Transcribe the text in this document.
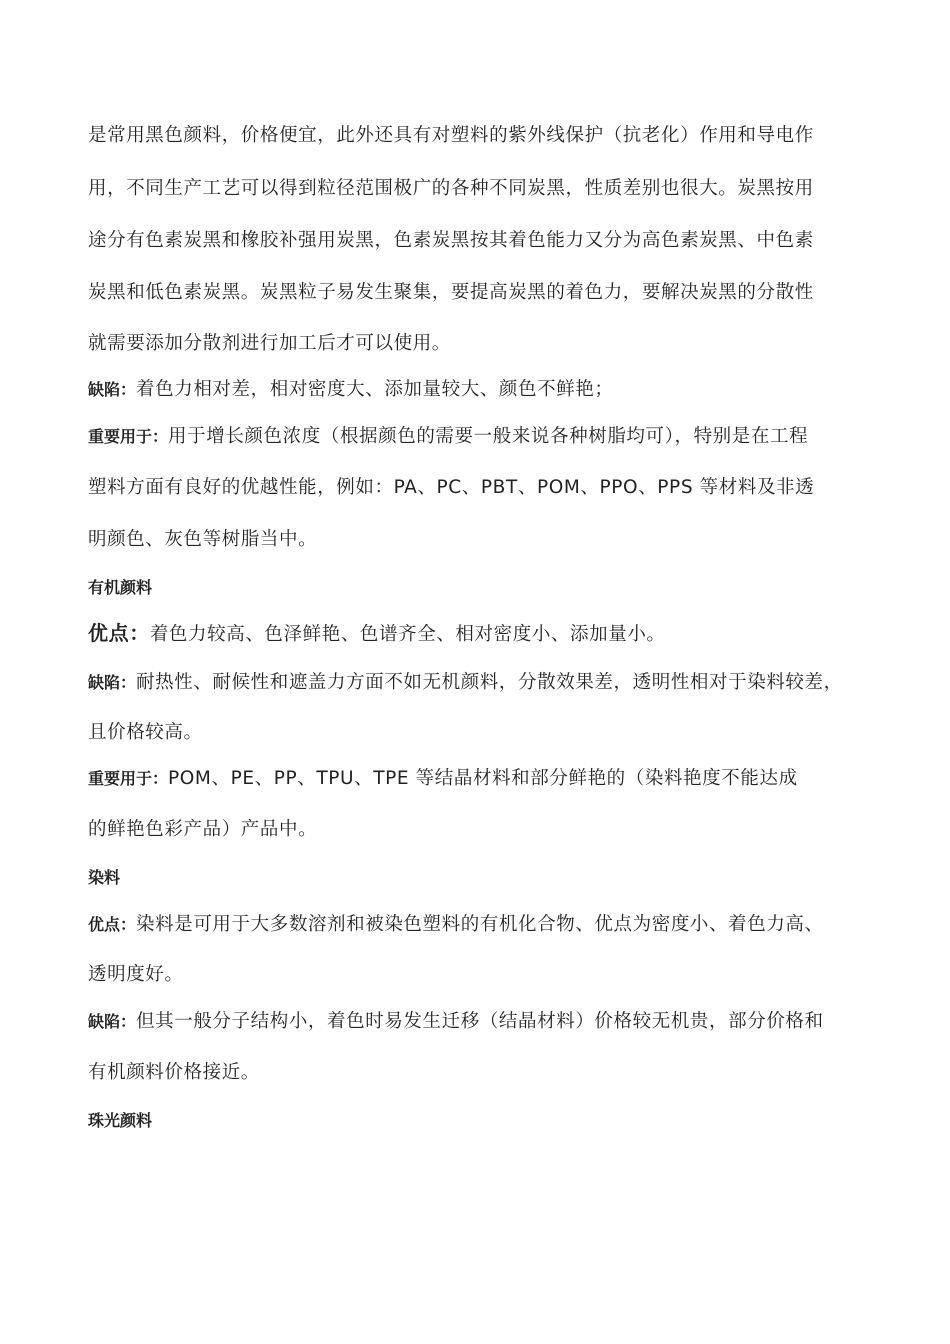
是常用黑色颜料，价格便宜，此外还具有对塑料的紫外线保护（抗老化）作用和导电作
用，不同生产工艺可以得到粒径范围极广的各种不同炭黑，性质差别也很大。炭黑按用
途分有色素炭黑和橡胶补强用炭黑，色素炭黑按其着色能力又分为高色素炭黑、中色素
炭黑和低色素炭黑。炭黑粒子易发生聚集，要提高炭黑的着色力，要解决炭黑的分散性
就需要添加分散剂进行加工后才可以使用。
缺陷：着色力相对差，相对密度大、添加量较大、颜色不鲜艳；
重要用于：用于增长颜色浓度（根据颜色的需要一般来说各种树脂均可），特别是在工程
塑料方面有良好的优越性能，例如：PA、PC、PBT、POM、PPO、PPS 等材料及非透
明颜色、灰色等树脂当中。
有机颜料
优点：着色力较高、色泽鲜艳、色谱齐全、相对密度小、添加量小。
缺陷：耐热性、耐候性和遮盖力方面不如无机颜料，分散效果差，透明性相对于染料较差，
且价格较高。
重要用于：POM、PE、PP、TPU、TPE 等结晶材料和部分鲜艳的（染料艳度不能达成
的鲜艳色彩产品）产品中。
染料
优点：染料是可用于大多数溶剂和被染色塑料的有机化合物、优点为密度小、着色力高、
透明度好。
缺陷：但其一般分子结构小，着色时易发生迁移（结晶材料）价格较无机贵，部分价格和
有机颜料价格接近。
珠光颜料
